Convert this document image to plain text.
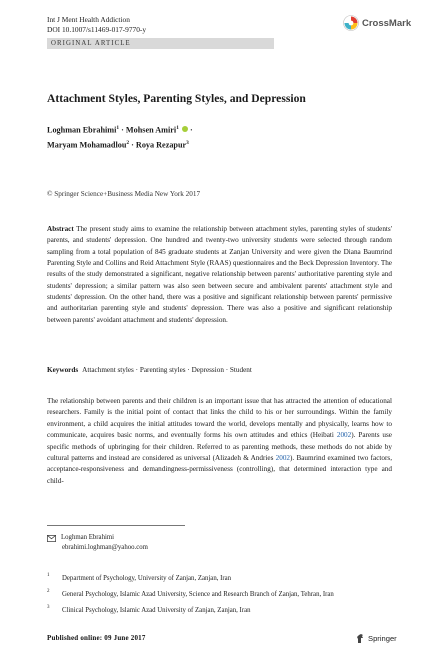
Int J Ment Health Addiction
DOI 10.1007/s11469-017-9770-y
CrossMark
ORIGINAL ARTICLE
Attachment Styles, Parenting Styles, and Depression
Loghman Ebrahimi$^1$ · Mohsen Amiri$^1$  ·
Maryam Mohamadlou$^2$ · Roya Rezapur$^3$
© Springer Science+Business Media New York 2017
Abstract The present study aims to examine the relationship between attachment styles, parenting styles of students' parents, and students' depression. One hundred and twenty-two university students were selected through random sampling from a total population of 845 graduate students at Zanjan University and were given the Diana Baumrind Parenting Style and Collins and Reid Attachment Style (RAAS) questionnaires and the Beck Depression Inventory. The results of the study demonstrated a significant, negative relationship between parents' authoritative parenting style and students' depression; a similar pattern was also seen between secure and ambivalent parents' attachment style and students' depression. On the other hand, there was a positive and significant relationship between parents' permissive and authoritarian parenting style and students' depression. There was also a positive and significant relationship between parents' avoidant attachment and students' depression.
Keywords Attachment styles · Parenting styles · Depression · Student
The relationship between parents and their children is an important issue that has attracted the attention of educational researchers. Family is the initial point of contact that links the child to his or her surroundings. Within the family environment, a child acquires the initial attitudes toward the world, develops mentally and physically, learns how to communicate, acquires basic norms, and eventually forms his own attitudes and ethics (Heibati 2002). Parents use specific methods of upbringing for their children. Referred to as parenting methods, these methods do not abide by cultural patterns and instead are considered as universal (Alizadeh & Andries 2002). Baumrind examined two factors, acceptance-responsiveness and demandingness-permissiveness (controlling), that determined interaction type and child-
Loghman Ebrahimi
ebrahimi.loghman@yahoo.com
1 Department of Psychology, University of Zanjan, Zanjan, Iran
2 General Psychology, Islamic Azad University, Science and Research Branch of Zanjan, Tehran, Iran
3 Clinical Psychology, Islamic Azad University of Zanjan, Zanjan, Iran
Published online: 09 June 2017	Springer
